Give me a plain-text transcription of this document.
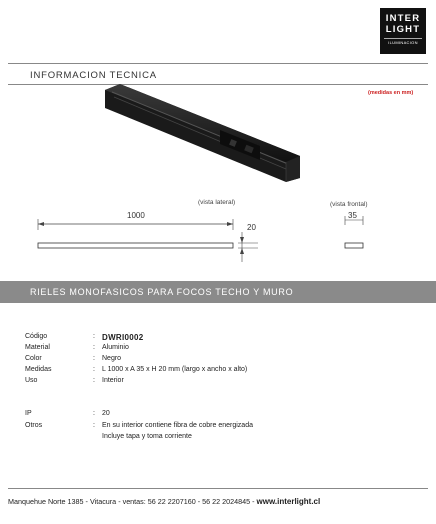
INTER
LIGHT
ILUMINACION
INFORMACION TECNICA
(medidas en mm)
(vista lateral)	(vista frontal)
1000
20
35
RIELES MONOFASICOS PARA FOCOS TECHO Y MURO
Código	: DWRI0002
Material	: Aluminio
Color	: Negro
Medidas	: L 1000 x A 35 x H 20 mm (largo x ancho x alto)
Uso	: Interior
IP	: 20
Otros	: En su interior contiene fibra de cobre energizada
Incluye tapa y toma corriente
Manquehue Norte 1385 - Vitacura - ventas: 56 22 2207160 - 56 22 2024845 - www.interlight.cl
